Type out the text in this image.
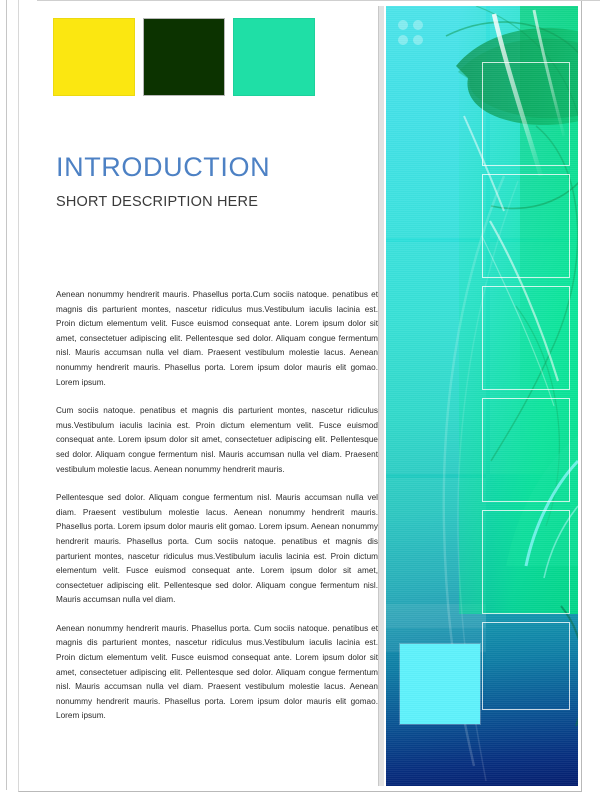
INTRODUCTION
SHORT DESCRIPTION HERE

Aenean nonummy hendrerit mauris. Phasellus porta.Cum sociis natoque. penatibus et magnis dis parturient montes, nascetur ridiculus mus.Vestibulum iaculis lacinia est. Proin dictum elementum velit. Fusce euismod consequat ante. Lorem ipsum dolor sit amet, consectetuer adipiscing elit. Pellentesque sed dolor. Aliquam congue fermentum nisl. Mauris accumsan nulla vel diam. Praesent vestibulum molestie lacus. Aenean nonummy hendrerit mauris. Phasellus porta. Lorem ipsum dolor mauris elit gomao. Lorem ipsum.

Cum sociis natoque. penatibus et magnis dis parturient montes, nascetur ridiculus mus.Vestibulum iaculis lacinia est. Proin dictum elementum velit. Fusce euismod consequat ante. Lorem ipsum dolor sit amet, consectetuer adipiscing elit. Pellentesque sed dolor. Aliquam congue fermentum nisl. Mauris accumsan nulla vel diam. Praesent vestibulum molestie lacus. Aenean nonummy hendrerit mauris.

Pellentesque sed dolor. Aliquam congue fermentum nisl. Mauris accumsan nulla vel diam. Praesent vestibulum molestie lacus. Aenean nonummy hendrerit mauris. Phasellus porta. Lorem ipsum dolor mauris elit gomao. Lorem ipsum. Aenean nonummy hendrerit mauris. Phasellus porta. Cum sociis natoque. penatibus et magnis dis parturient montes, nascetur ridiculus mus.Vestibulum iaculis lacinia est. Proin dictum elementum velit. Fusce euismod consequat ante. Lorem ipsum dolor sit amet, consectetuer adipiscing elit. Pellentesque sed dolor. Aliquam congue fermentum nisl. Mauris accumsan nulla vel diam.

Aenean nonummy hendrerit mauris. Phasellus porta. Cum sociis natoque. penatibus et magnis dis parturient montes, nascetur ridiculus mus.Vestibulum iaculis lacinia est. Proin dictum elementum velit. Fusce euismod consequat ante. Lorem ipsum dolor sit amet, consectetuer adipiscing elit. Pellentesque sed dolor. Aliquam congue fermentum nisl. Mauris accumsan nulla vel diam. Praesent vestibulum molestie lacus. Aenean nonummy hendrerit mauris. Phasellus porta. Lorem ipsum dolor mauris elit gomao. Lorem ipsum.
